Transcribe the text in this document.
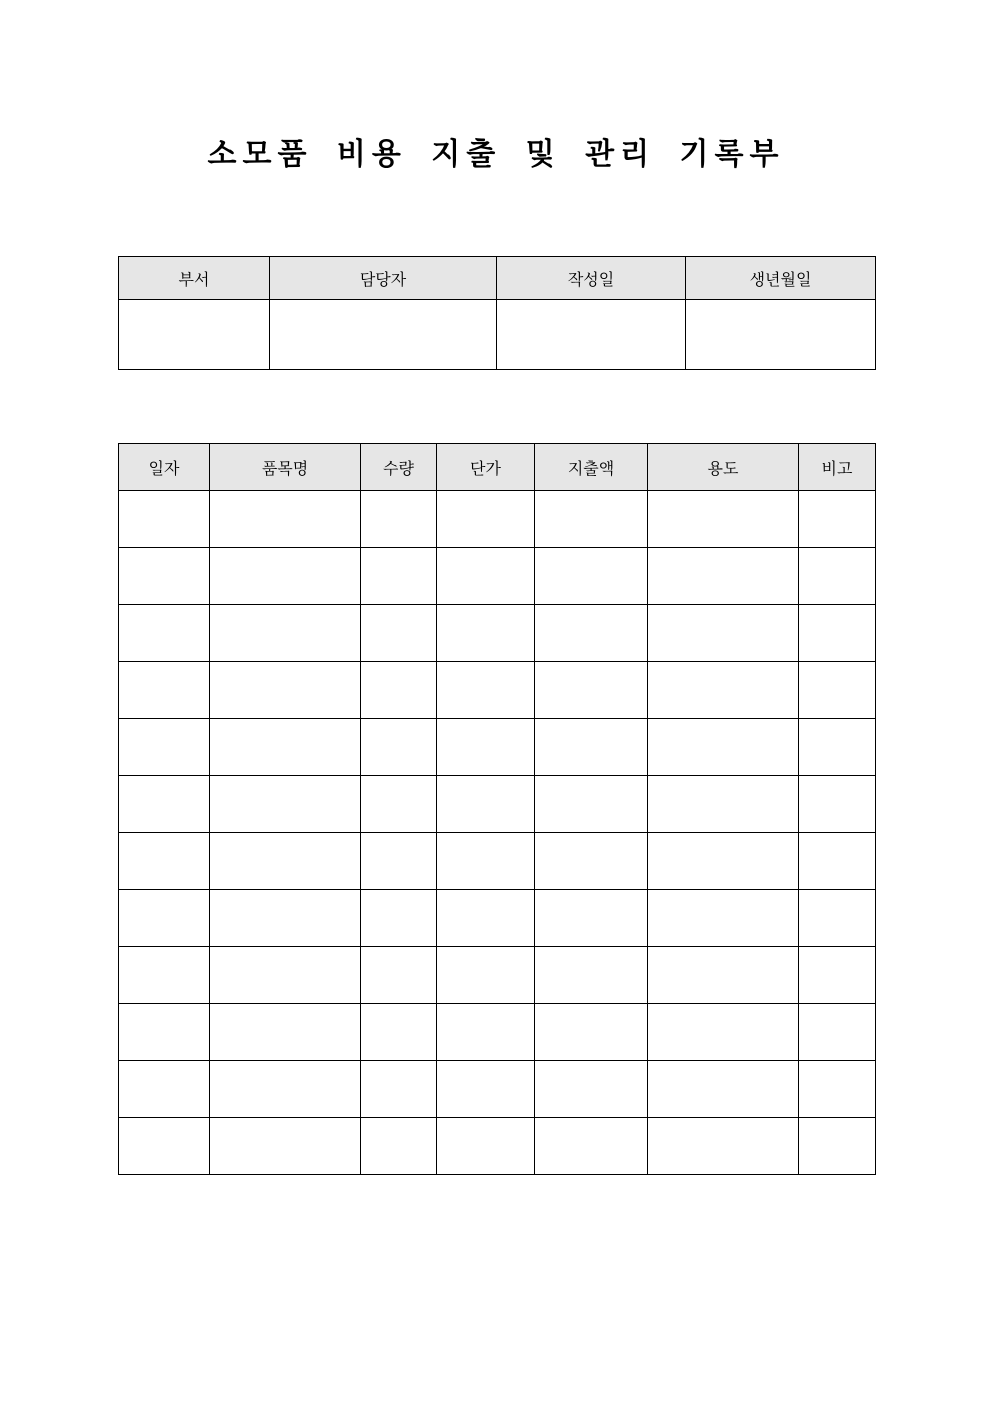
소모품 비용 지출 및 관리 기록부
부서	담당자	작성일	생년월일

일자	품목명	수량	단가	지출액	용도	비고
